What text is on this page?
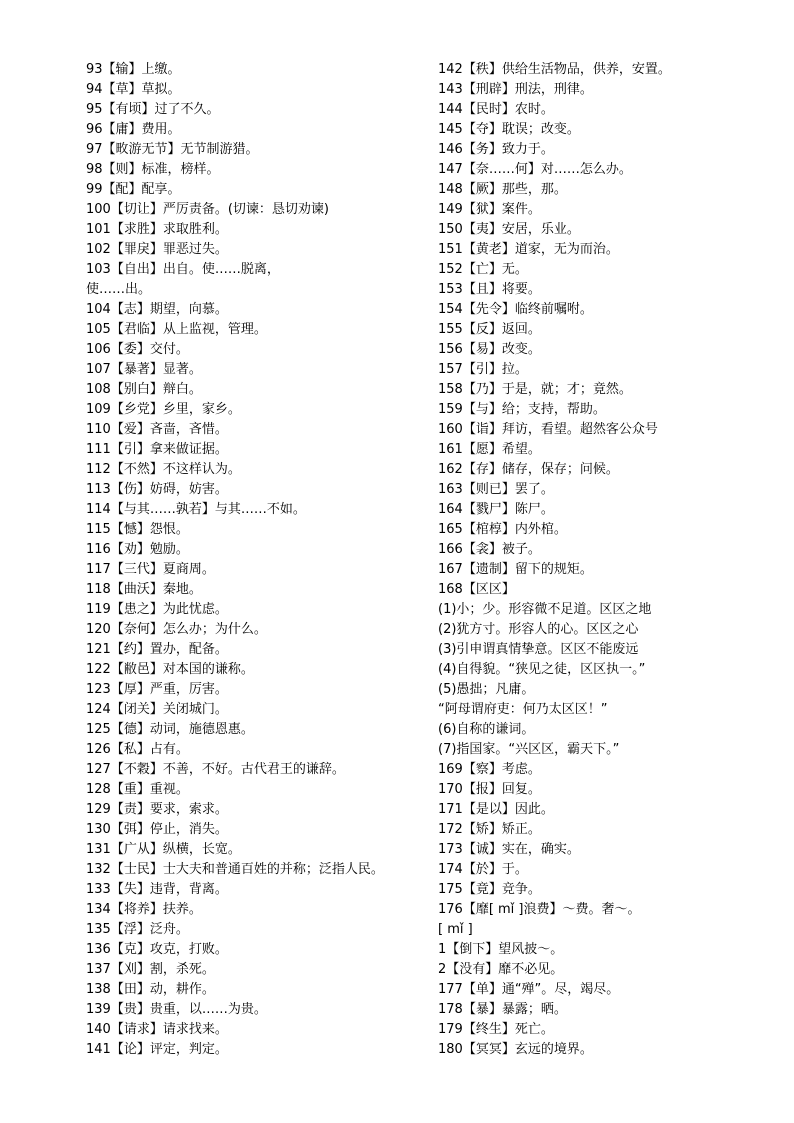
93【输】上缴。
94【草】草拟。
95【有顷】过了不久。
96【庸】费用。
97【畋游无节】无节制游猎。
98【则】标准，榜样。
99【配】配享。
100【切让】严厉责备。(切谏：恳切劝谏)
101【求胜】求取胜利。
102【罪戾】罪恶过失。
103【自出】出自。使……脱离，
使……出。
104【志】期望，向慕。
105【君临】从上监视，管理。
106【委】交付。
107【暴著】显著。
108【别白】辩白。
109【乡党】乡里，家乡。
110【爱】吝啬，吝惜。
111【引】拿来做证据。
112【不然】不这样认为。
113【伤】妨碍，妨害。
114【与其……孰若】与其……不如。
115【憾】怨恨。
116【劝】勉励。
117【三代】夏商周。
118【曲沃】秦地。
119【患之】为此忧虑。
120【奈何】怎么办；为什么。
121【约】置办，配备。
122【敝邑】对本国的谦称。
123【厚】严重，厉害。
124【闭关】关闭城门。
125【德】动词，施德恩惠。
126【私】占有。
127【不穀】不善，不好。古代君王的谦辞。
128【重】重视。
129【责】要求，索求。
130【弭】停止，消失。
131【广从】纵横，长宽。
132【士民】士大夫和普通百姓的并称；泛指人民。
133【失】违背，背离。
134【将养】扶养。
135【浮】泛舟。
136【克】攻克，打败。
137【刈】割，杀死。
138【田】动，耕作。
139【贵】贵重，以……为贵。
140【请求】请求找来。
141【论】评定，判定。
142【秩】供给生活物品，供养，安置。
143【刑辟】刑法，刑律。
144【民时】农时。
145【夺】耽误；改变。
146【务】致力于。
147【奈……何】对……怎么办。
148【厥】那些，那。
149【狱】案件。
150【夷】安居，乐业。
151【黄老】道家，无为而治。
152【亡】无。
153【且】将要。
154【先令】临终前嘱咐。
155【反】返回。
156【易】改变。
157【引】拉。
158【乃】于是，就；才；竟然。
159【与】给；支持，帮助。
160【诣】拜访，看望。超然客公众号
161【愿】希望。
162【存】储存，保存；问候。
163【则已】罢了。
164【戮尸】陈尸。
165【棺椁】内外棺。
166【衾】被子。
167【遗制】留下的规矩。
168【区区】
(1)小；少。形容微不足道。区区之地
(2)犹方寸。形容人的心。区区之心
(3)引申谓真情挚意。区区不能废远
(4)自得貌。“狭见之徒，区区执一。”
(5)愚拙；凡庸。
“阿母谓府吏：何乃太区区！”
(6)自称的谦词。
(7)指国家。“兴区区，霸天下。”
169【察】考虑。
170【报】回复。
171【是以】因此。
172【矫】矫正。
173【诚】实在，确实。
174【於】于。
175【竟】竞争。
176【靡[ mǐ ]浪费】～费。奢～。
[ mǐ ]
1【倒下】望风披～。
2【没有】靡不必见。
177【单】通“殚”。尽，竭尽。
178【暴】暴露；晒。
179【终生】死亡。
180【冥冥】玄远的境界。
